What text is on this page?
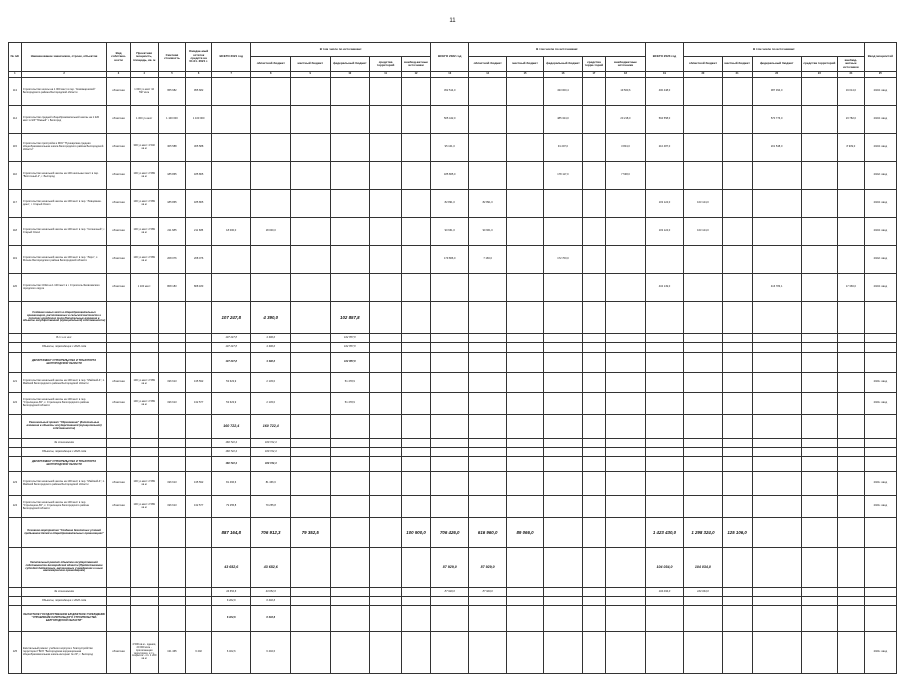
11
№ п/п	Наименование заказчиков, строек, объектов	Вид собствен-ности	Проектная мощность, площадь, кв. м	Сметная стоимость	Ожидае-мый остаток средств на 01.01. 2021 г.	ВСЕГО 2021 год	В том числе по источникам:					ВСЕГО 2022 год	В том числе по источникам:					ВСЕГО 2023 год	В том числе по источникам:					Ввод мощностей
							областной бюджет	местный бюджет	федеральный бюджет	средства территорий	внебюд-жетные источники		областной бюджет	местный бюджет	федеральный бюджет	средства терри-торий	внебюджетные источники		областной бюджет	местный бюджет	федеральный бюджет	средства территорий	внебюд-жетные источники	
1	2	3	4	5	6	7	8	9	10	11	12	13	14	15	16	17	18	19	20	21	22	23	24	25
113	Строительство школы на 1 000 мест в пер. "Новомаршский" Белгородского района Белгородской области	областная	1 000 уч.мест 10 597 кв.м	955 682	955 682							452 514,0			433 000,4		19 560,6	400 448,0			387 394,0		19 014,0	2023г. ввод
114	Строительство средней общеобразовательной школы на 1 220 мест в ЖР "Южный" г. Белгород	областная	1 300 уч.мест	1 100 000	1 100 000							505 442,0			485 324,0		20 218,0	594 558,0			570 776,0		23 782,0	2023г. ввод
115	Строительство пристройки к МОУ "Пушкарская средняя общеобразовательная школа Белгородского района Белгородской области"	областная	300 уч.мест 4 540 кв.м	305 588	305 588							95 101,0			91 297,0		3 804,0	210 487,0			201 548,0		8 939,0	2023г. ввод
116	Строительство начальной школы на 100 школьных мест в пер. "Восточный-1", г. Белгород	областная	100 уч.мест 2 589 кв.м	185 865	185 865							185 865,0			178 117,0		7 538,0							2022г. ввод
117	Строительство начальной школы на 100 мест в пер. "Ловцовник-донн", г. Старый Оскол	областная	100 уч.мест 2 589 кв.м	185 865	185 865							82 891,0	82 891,0					103 124,0	103 124,0					2023г. ввод
118	Строительство начальной школы на 100 мест в пер. "Солнечный", г. Старый Оскол	областная	100 уч.мест 2 589 кв.м	211 685	211 685	18 000,0	18 000,0					90 661,0	90 661,0					103 124,0	103 124,0					2023г. ввод
119	Строительство начальной школы на 100 мест в пер. "Лиро", с. Репное Белгородского района Белгородской области	областная	100 уч.мест 2 589 кв.м	208 076	208 076							179 866,0	7 166,0		172 700,0									2022г. ввод
120	Строительство СОШ на 1 100 мест в г. Строитель Яковлевского городского округа	областная	1 100 мест	808 183	808 183													434 149,0			416 783,1		17 366,0	2023г. ввод
	Создание новых мест в общеобразовательных организациях, расположенных в сельской местности и поселках городского типа (Капитальные вложения в объекты государственной (муниципальной) собственности)					107 247,8	4 390,0		102 857,8															
	В т.ч.из них:					107 247,8	4 390,0		102 857,8															
	Объекты, переходящие с 2020 года					107 247,8	4 390,0		102 857,8															
	ДЕПАРТАМЕНТ СТРОИТЕЛЬСТВА И ТРАНСПОРТА БЕЛГОРОДСКОЙ ОБЛАСТИ					107 247,8	4 390,0		102 857,8															
121	Строительство начальной школы на 100 мест в пер. "Майский-4", п. Майский Белгородского района Белгородской области	областная	100 уч.мест 2 589 кв.м	196 613	135 592	53 623,9	2 145,0		51 478,9															2021г. ввод
122	Строительство начальной школы на 100 мест в пер. "Стрелецкое-83", с. Стрелецкое Белгородского района Белгородской области	областная	100 уч.мест 2 589 кв.м	196 613	132 577	53 623,9	2 145,0		51 478,9															2021г. ввод
	Региональный проект "Образование" (Капитальные вложения в объекты государственной (муниципальной) собственности)					160 722,4	160 722,4																	
	За отношением					160 722,4	160 722,4																	
	Объекты, переходящие с 2020 года					160 722,4	160 722,4																	
	ДЕПАРТАМЕНТ СТРОИТЕЛЬСТВА И ТРАНСПОРТА БЕЛГОРОДСКОЙ ОБЛАСТИ					160 722,4	160 722,4																	
123	Строительство начальной школы на 100 мест в пер. "Майский-4", п. Майский Белгородского района Белгородской области	областная	100 уч.мест 2 589 кв.м	196 613	135 592	81 466,6	81 466,6																	2021г. ввод
124	Строительство начальной школы на 100 мест в пер. "Стрелецкое-83", с. Стрелецкое Белгородского района Белгородской области	областная	100 уч.мест 2 589 кв.м	196 613	132 577	79 255,8	79 255,8																	2021г. ввод
	Основное мероприятие "Создание безопасных условий пребывания детей в общеобразовательных организациях"					887 164,8	706 912,3	79 352,5			100 900,0	706 426,0	616 960,0	89 066,0				1 423 430,0	1 298 324,0	125 106,0				
	Капитальный ремонт объектов государственной собственности Белгородской области (Предоставление субсидий бюджетным, автономным учреждениям и иным некоммерческим организациям)					43 652,6	43 652,6					87 929,0	87 929,0					104 034,0	104 034,0					
	За отношением					43 652,6	43 652,6					87 929,0	87 929,0					104 034,0	104 034,0					
	Объекты, переходящие с 2020 года					6 402,6	6 402,6																	
	ОБЛАСТНОЕ ГОСУДАРСТВЕННОЕ БЮДЖЕТНОЕ УЧРЕЖДЕНИЕ "УПРАВЛЕНИЕ КАПИТАЛЬНОГО СТРОИТЕЛЬСТВА БЕЛГОРОДСКОЙ ОБЛАСТИ"					6 402,6	6 402,6																	
125	Капитальный ремонт учебного корпуса и благоустройство территории ГБОУ "Белгородская коррекционная общеобразовательная школа-интернат № 23", г. Белгород	областная	4 500 кв.м - здания, 20 000 кв.м - прилегающая территория, и т.ч. покрытие - пл. 1 200 кв.м	131 465	6 402	6 402,6	6 402,6																	2021г. ввод
